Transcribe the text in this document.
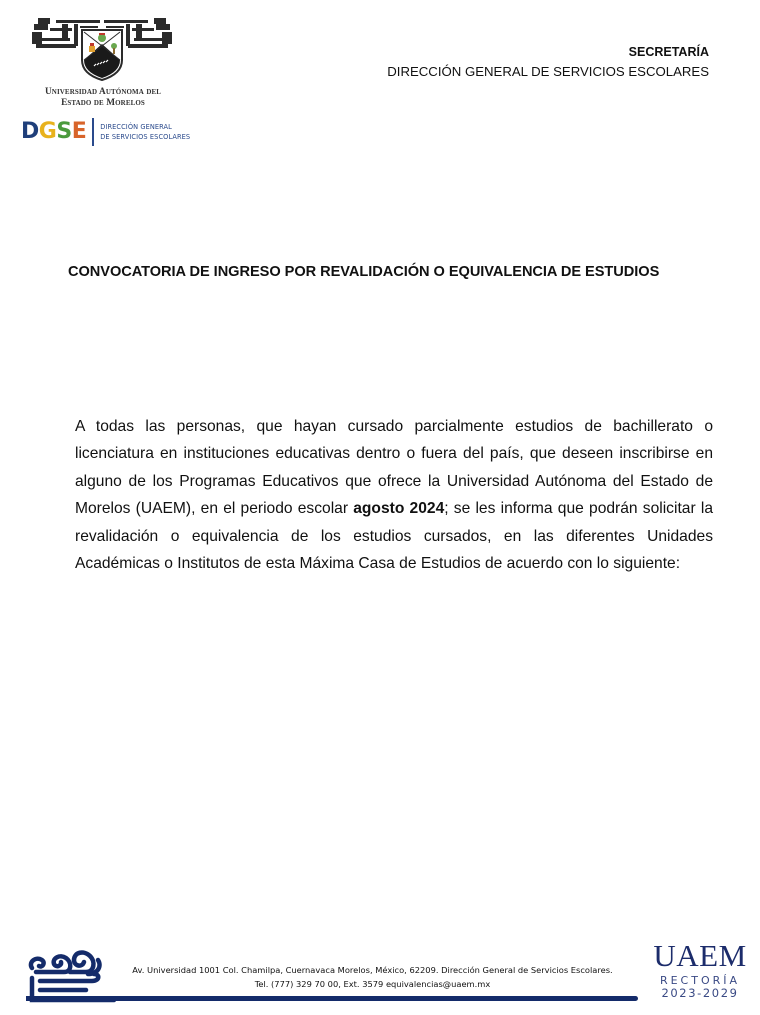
Universidad Autónoma del
Estado de Morelos
DGSE DIRECCIÓN GENERAL
DE SERVICIOS ESCOLARES
SECRETARÍA
DIRECCIÓN GENERAL DE SERVICIOS ESCOLARES
CONVOCATORIA DE INGRESO POR REVALIDACIÓN O EQUIVALENCIA DE ESTUDIOS

A todas las personas, que hayan cursado parcialmente estudios de bachillerato o licenciatura en instituciones educativas dentro o fuera del país, que deseen inscribirse en alguno de los Programas Educativos que ofrece la Universidad Autónoma del Estado de Morelos (UAEM), en el periodo escolar agosto 2024; se les informa que podrán solicitar la revalidación o equivalencia de los estudios cursados, en las diferentes Unidades Académicas o Institutos de esta Máxima Casa de Estudios de acuerdo con lo siguiente:

Av. Universidad 1001 Col. Chamilpa, Cuernavaca Morelos, México, 62209. Dirección General de Servicios Escolares.
Tel. (777) 329 70 00, Ext. 3579 equivalencias@uaem.mx
UAEM
RECTORÍA
2023-2029
